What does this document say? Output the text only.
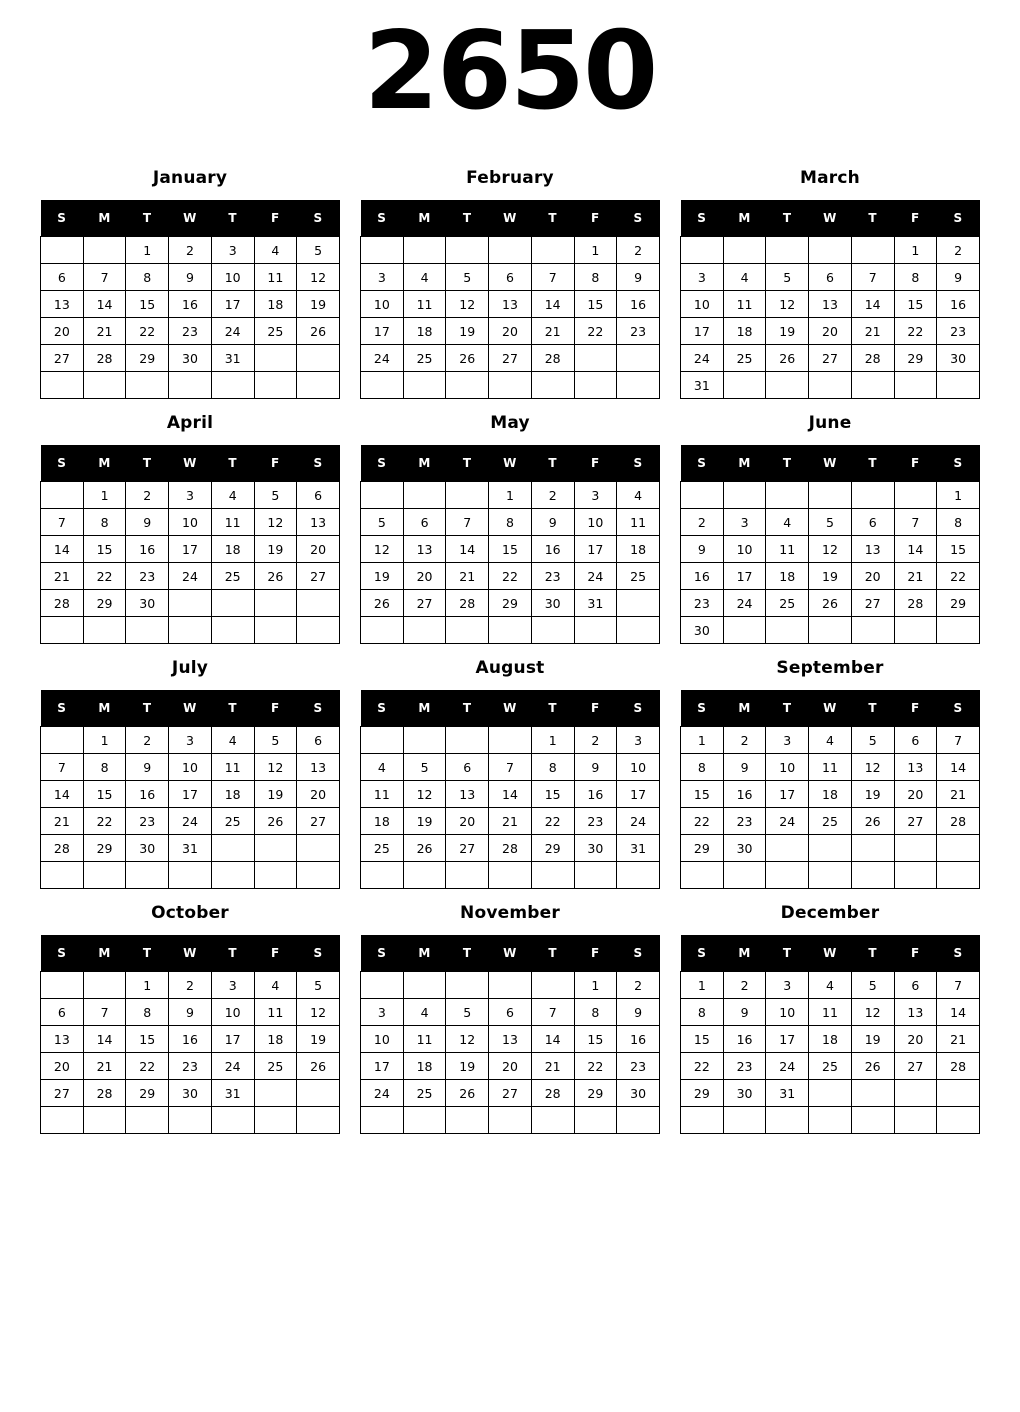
2650
January
S	M	T	W	T	F	S
		1	2	3	4	5
6	7	8	9	10	11	12
13	14	15	16	17	18	19
20	21	22	23	24	25	26
27	28	29	30	31		

February
S	M	T	W	T	F	S
					1	2
3	4	5	6	7	8	9
10	11	12	13	14	15	16
17	18	19	20	21	22	23
24	25	26	27	28		

March
S	M	T	W	T	F	S
					1	2
3	4	5	6	7	8	9
10	11	12	13	14	15	16
17	18	19	20	21	22	23
24	25	26	27	28	29	30
31						
April
S	M	T	W	T	F	S
	1	2	3	4	5	6
7	8	9	10	11	12	13
14	15	16	17	18	19	20
21	22	23	24	25	26	27
28	29	30				

May
S	M	T	W	T	F	S
			1	2	3	4
5	6	7	8	9	10	11
12	13	14	15	16	17	18
19	20	21	22	23	24	25
26	27	28	29	30	31	

June
S	M	T	W	T	F	S
						1
2	3	4	5	6	7	8
9	10	11	12	13	14	15
16	17	18	19	20	21	22
23	24	25	26	27	28	29
30						
July
S	M	T	W	T	F	S
	1	2	3	4	5	6
7	8	9	10	11	12	13
14	15	16	17	18	19	20
21	22	23	24	25	26	27
28	29	30	31			

August
S	M	T	W	T	F	S
				1	2	3
4	5	6	7	8	9	10
11	12	13	14	15	16	17
18	19	20	21	22	23	24
25	26	27	28	29	30	31

September
S	M	T	W	T	F	S
1	2	3	4	5	6	7
8	9	10	11	12	13	14
15	16	17	18	19	20	21
22	23	24	25	26	27	28
29	30					

October
S	M	T	W	T	F	S
		1	2	3	4	5
6	7	8	9	10	11	12
13	14	15	16	17	18	19
20	21	22	23	24	25	26
27	28	29	30	31		

November
S	M	T	W	T	F	S
					1	2
3	4	5	6	7	8	9
10	11	12	13	14	15	16
17	18	19	20	21	22	23
24	25	26	27	28	29	30

December
S	M	T	W	T	F	S
1	2	3	4	5	6	7
8	9	10	11	12	13	14
15	16	17	18	19	20	21
22	23	24	25	26	27	28
29	30	31				
